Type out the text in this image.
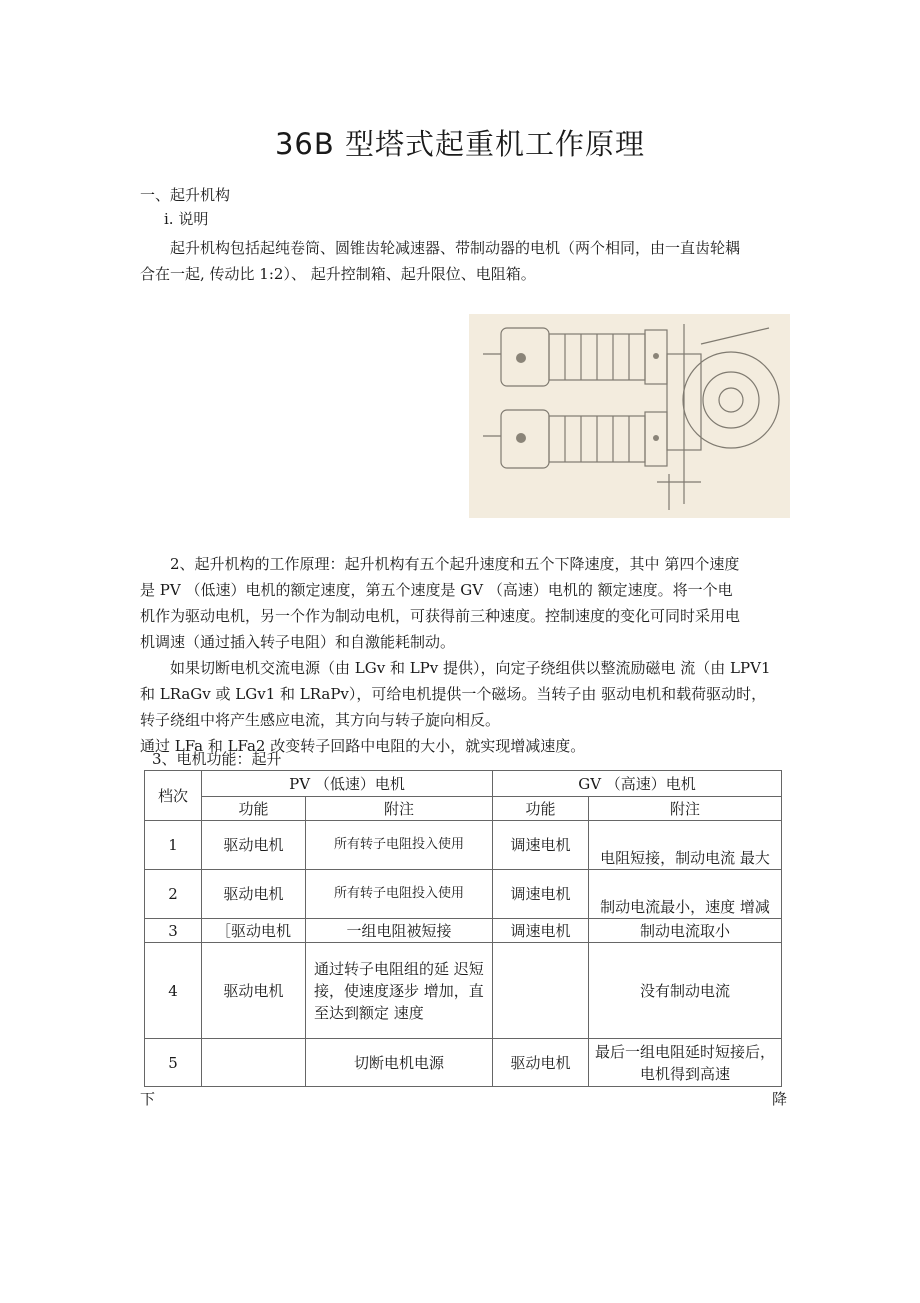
36B 型塔式起重机工作原理
一、起升机构
i. 说明
起升机构包括起纯卷筒、圆锥齿轮减速器、带制动器的电机（两个相同，由一直齿轮耦
合在一起, 传动比 1:2）、 起升控制箱、起升限位、电阻箱。
2、起升机构的工作原理：起升机构有五个起升速度和五个下降速度，其中 第四个速度
是 PV （低速）电机的额定速度，第五个速度是 GV （高速）电机的 额定速度。将一个电
机作为驱动电机，另一个作为制动电机，可获得前三种速度。控制速度的变化可同时采用电
机调速（通过插入转子电阻）和自激能耗制动。
如果切断电机交流电源（由 LGv 和 LPv 提供），向定子绕组供以整流励磁电 流（由 LPV1
和 LRaGv 或 LGv1 和 LRaPv），可给电机提供一个磁场。当转子由 驱动电机和载荷驱动时，
转子绕组中将产生感应电流，其方向与转子旋向相反。
通过 LFa 和 LFa2 改变转子回路中电阻的大小，就实现增减速度。
3、电机功能：起升
档次	PV （低速）电机		GV （高速）电机	
	功能	附注	功能	附注
1	驱动电机	所有转子电阻投入使用	调速电机	电阻短接，制动电流 最大
2	驱动电机	所有转子电阻投入使用	调速电机	制动电流最小，速度 增减
3	［驱动电机	一组电阻被短接	调速电机	制动电流取小
4	驱动电机	通过转子电阻组的延 迟短接，使速度逐步 增加，直至达到额定 速度		没有制动电流
5		切断电机电源	驱动电机	最后一组电阻延时短接后，电机得到高速
下	降
